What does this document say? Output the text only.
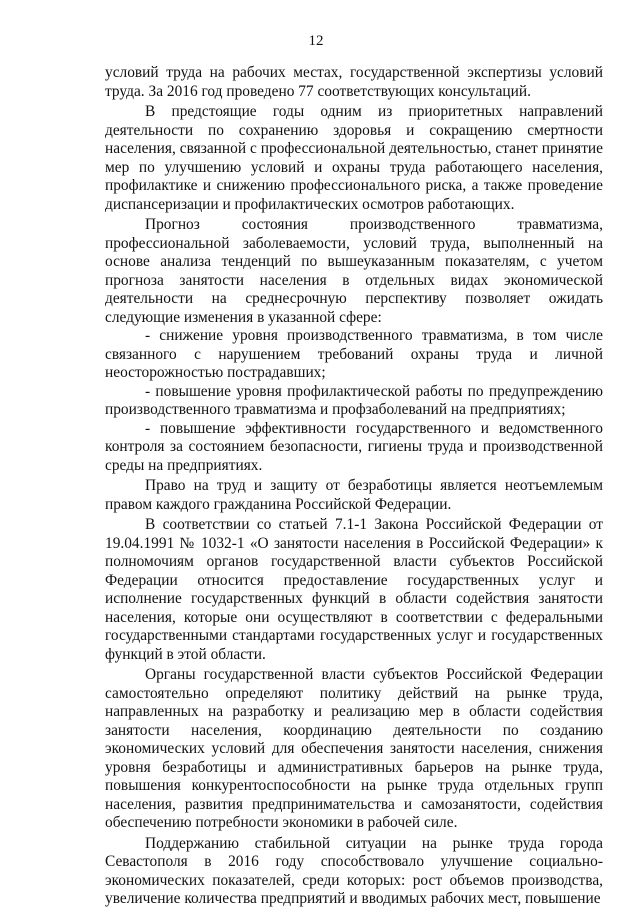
12

условий труда на рабочих местах, государственной экспертизы условий труда. За 2016 год проведено 77 соответствующих консультаций.

В предстоящие годы одним из приоритетных направлений деятельности по сохранению здоровья и сокращению смертности населения, связанной с профессиональной деятельностью, станет принятие мер по улучшению условий и охраны труда работающего населения, профилактике и снижению профессионального риска, а также проведение диспансеризации и профилактических осмотров работающих.

Прогноз состояния производственного травматизма, профессиональной заболеваемости, условий труда, выполненный на основе анализа тенденций по вышеуказанным показателям, с учетом прогноза занятости населения в отдельных видах экономической деятельности на среднесрочную перспективу позволяет ожидать следующие изменения в указанной сфере:

- снижение уровня производственного травматизма, в том числе связанного с нарушением требований охраны труда и личной неосторожностью пострадавших;

- повышение уровня профилактической работы по предупреждению производственного травматизма и профзаболеваний на предприятиях;

- повышение эффективности государственного и ведомственного контроля за состоянием безопасности, гигиены труда и производственной среды на предприятиях.

Право на труд и защиту от безработицы является неотъемлемым правом каждого гражданина Российской Федерации.

В соответствии со статьей 7.1-1 Закона Российской Федерации от 19.04.1991 № 1032-1 «О занятости населения в Российской Федерации» к полномочиям органов государственной власти субъектов Российской Федерации относится предоставление государственных услуг и исполнение государственных функций в области содействия занятости населения, которые они осуществляют в соответствии с федеральными государственными стандартами государственных услуг и государственных функций в этой области.

Органы государственной власти субъектов Российской Федерации самостоятельно определяют политику действий на рынке труда, направленных на разработку и реализацию мер в области содействия занятости населения, координацию деятельности по созданию экономических условий для обеспечения занятости населения, снижения уровня безработицы и административных барьеров на рынке труда, повышения конкурентоспособности на рынке труда отдельных групп населения, развития предпринимательства и самозанятости, содействия обеспечению потребности экономики в рабочей силе.

Поддержанию стабильной ситуации на рынке труда города Севастополя в 2016 году способствовало улучшение социально-экономических показателей, среди которых: рост объемов производства, увеличение количества предприятий и вводимых рабочих мест, повышение
